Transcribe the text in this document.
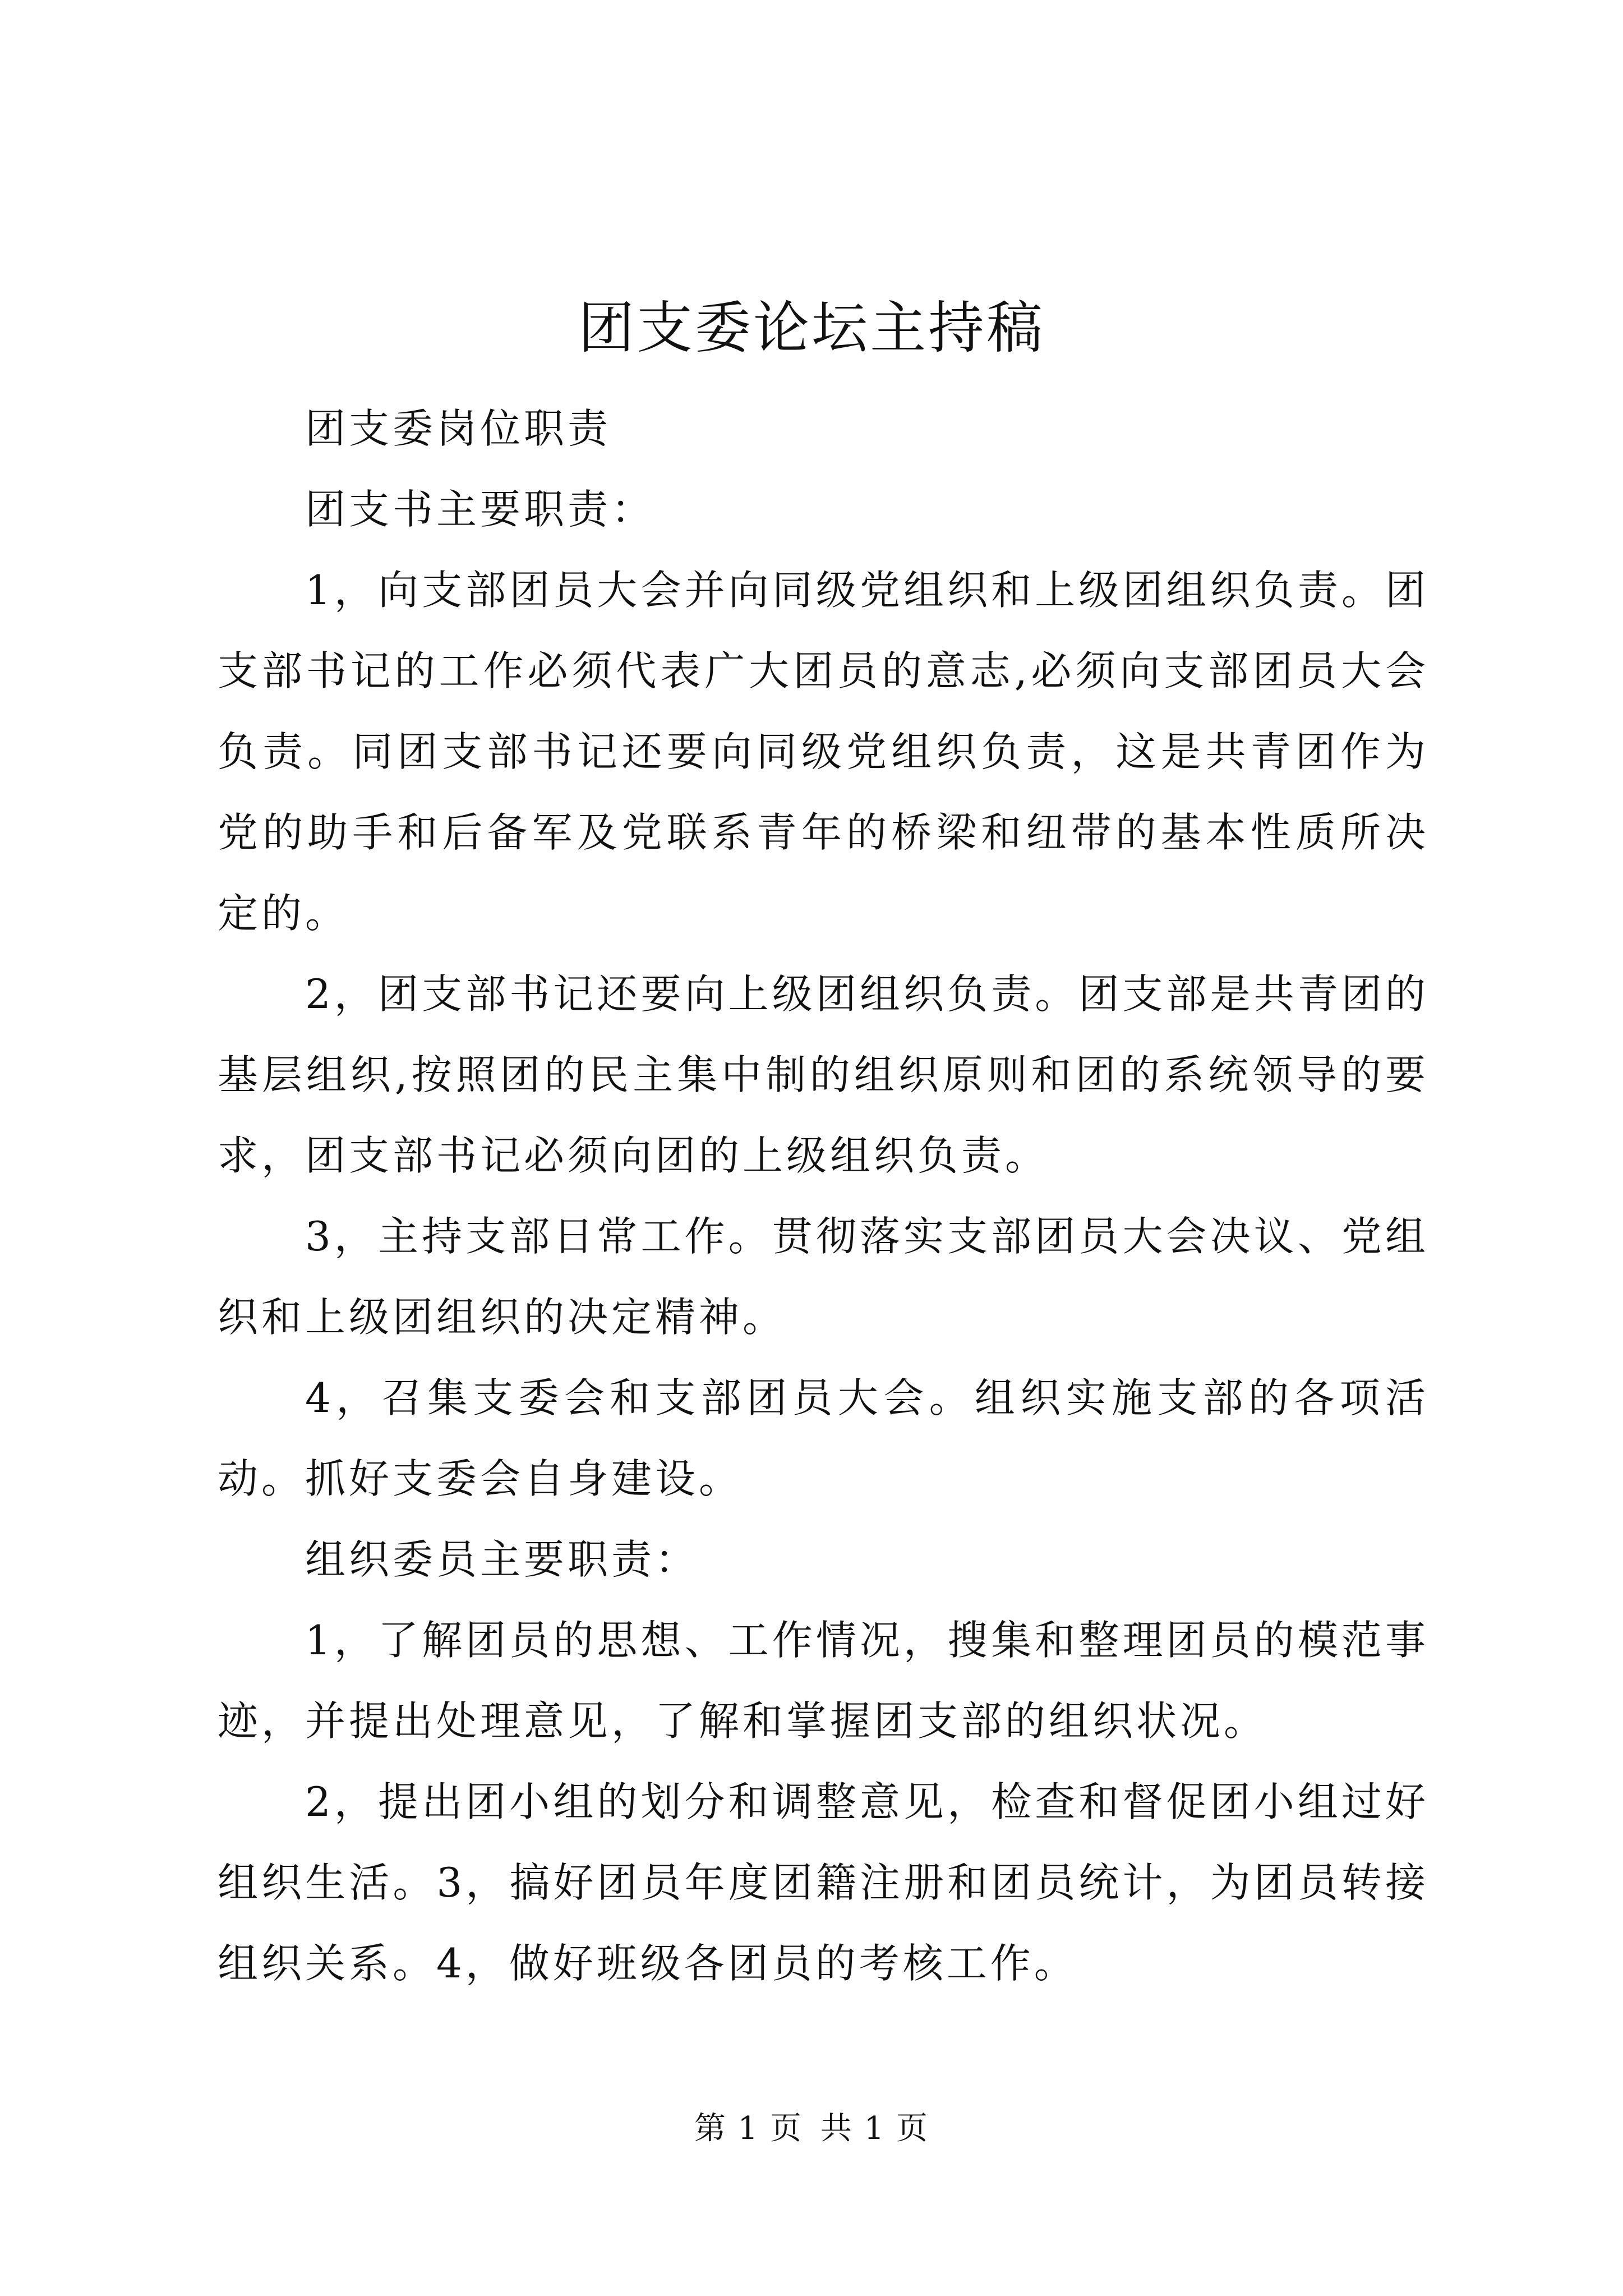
团支委论坛主持稿

团支委岗位职责

团支书主要职责：

1，向支部团员大会并向同级党组织和上级团组织负责。团支部书记的工作必须代表广大团员的意志,必须向支部团员大会负责。同团支部书记还要向同级党组织负责，这是共青团作为党的助手和后备军及党联系青年的桥梁和纽带的基本性质所决定的。

2，团支部书记还要向上级团组织负责。团支部是共青团的基层组织,按照团的民主集中制的组织原则和团的系统领导的要求，团支部书记必须向团的上级组织负责。

3，主持支部日常工作。贯彻落实支部团员大会决议、党组织和上级团组织的决定精神。

4，召集支委会和支部团员大会。组织实施支部的各项活动。抓好支委会自身建设。

组织委员主要职责：

1，了解团员的思想、工作情况，搜集和整理团员的模范事迹，并提出处理意见，了解和掌握团支部的组织状况。

2，提出团小组的划分和调整意见，检查和督促团小组过好组织生活。3，搞好团员年度团籍注册和团员统计，为团员转接组织关系。4，做好班级各团员的考核工作。

第 1 页 共 1 页
